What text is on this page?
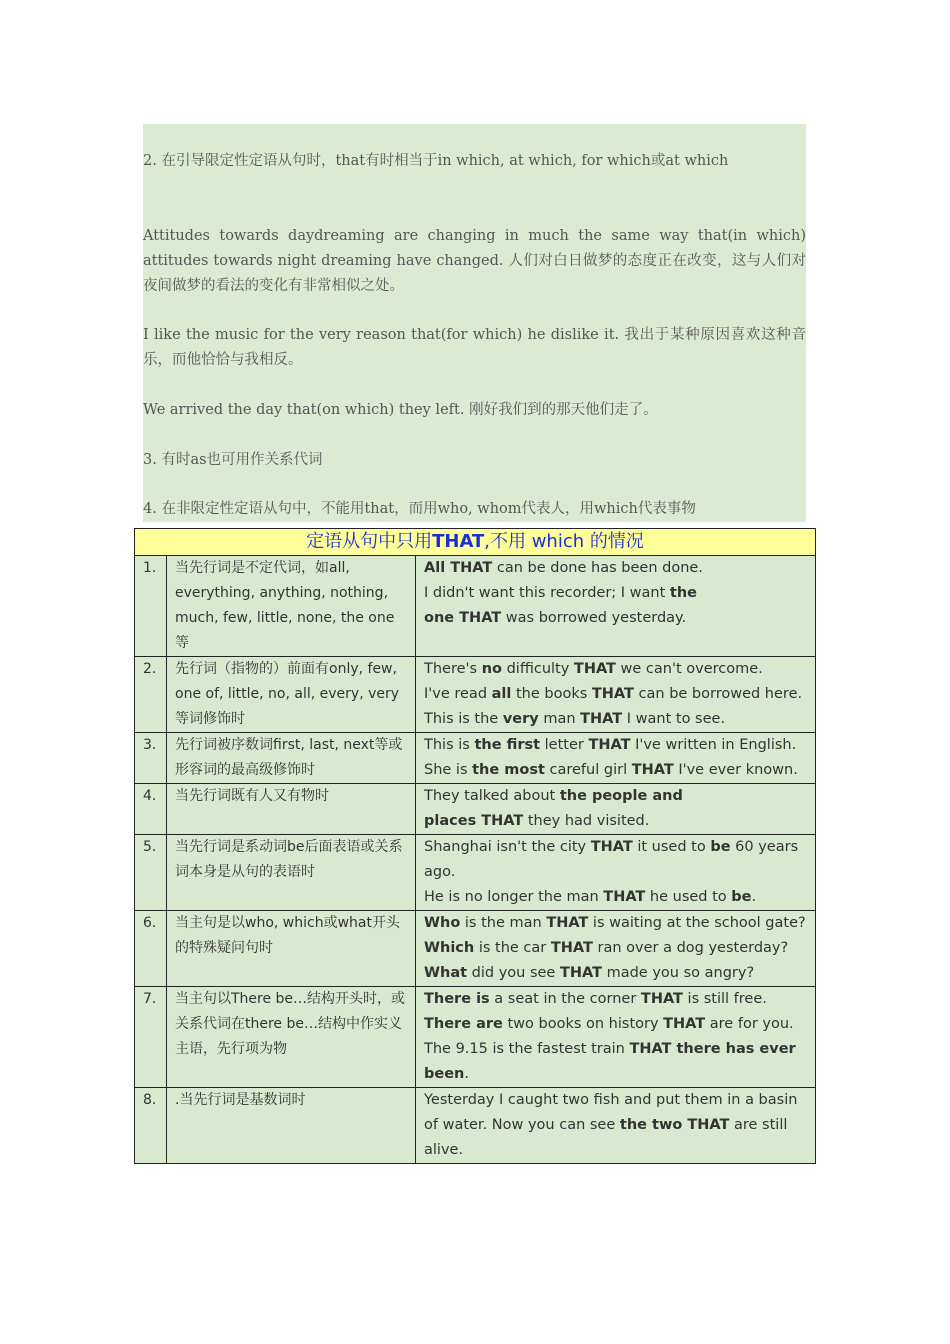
2. 在引导限定性定语从句时，that有时相当于in which, at which, for which或at which

Attitudes towards daydreaming are changing in much the same way that(in which) attitudes towards night dreaming have changed. 人们对白日做梦的态度正在改变，这与人们对夜间做梦的看法的变化有非常相似之处。

I like the music for the very reason that(for which) he dislike it. 我出于某种原因喜欢这种音乐，而他恰恰与我相反。

We arrived the day that(on which) they left. 刚好我们到的那天他们走了。

3. 有时as也可用作关系代词

4. 在非限定性定语从句中，不能用that，而用who, whom代表人，用which代表事物

定语从句中只用THAT,不用 which 的情况		
1.	当先行词是不定代词，如all, everything, anything, nothing, much, few, little, none, the one等	All THAT can be done has been done.
I didn't want this recorder; I want the
one THAT was borrowed yesterday.

2.	先行词（指物的）前面有only, few, one of, little, no, all, every, very等词修饰时	There's no difficulty THAT we can't overcome.
I've read all the books THAT can be borrowed here.
This is the very man THAT I want to see.

3.	先行词被序数词first, last, next等或形容词的最高级修饰时	This is the first letter THAT I've written in English.
She is the most careful girl THAT I've ever known.

4.	当先行词既有人又有物时	They talked about the people and
places THAT they had visited.

5.	当先行词是系动词be后面表语或关系词本身是从句的表语时	Shanghai isn't the city THAT it used to be 60 years
ago.
He is no longer the man THAT he used to be.

6.	当主句是以who, which或what开头的特殊疑问句时	Who is the man THAT is waiting at the school gate?
Which is the car THAT ran over a dog yesterday?
What did you see THAT made you so angry?

7.	当主句以There be…结构开头时，或关系代词在there be…结构中作实义主语，先行项为物	There is a seat in the corner THAT is still free.
There are two books on history THAT are for you.
The 9.15 is the fastest train THAT there has ever
been.

8.	.当先行词是基数词时	Yesterday I caught two fish and put them in a basin
of water. Now you can see the two THAT are still
alive.
